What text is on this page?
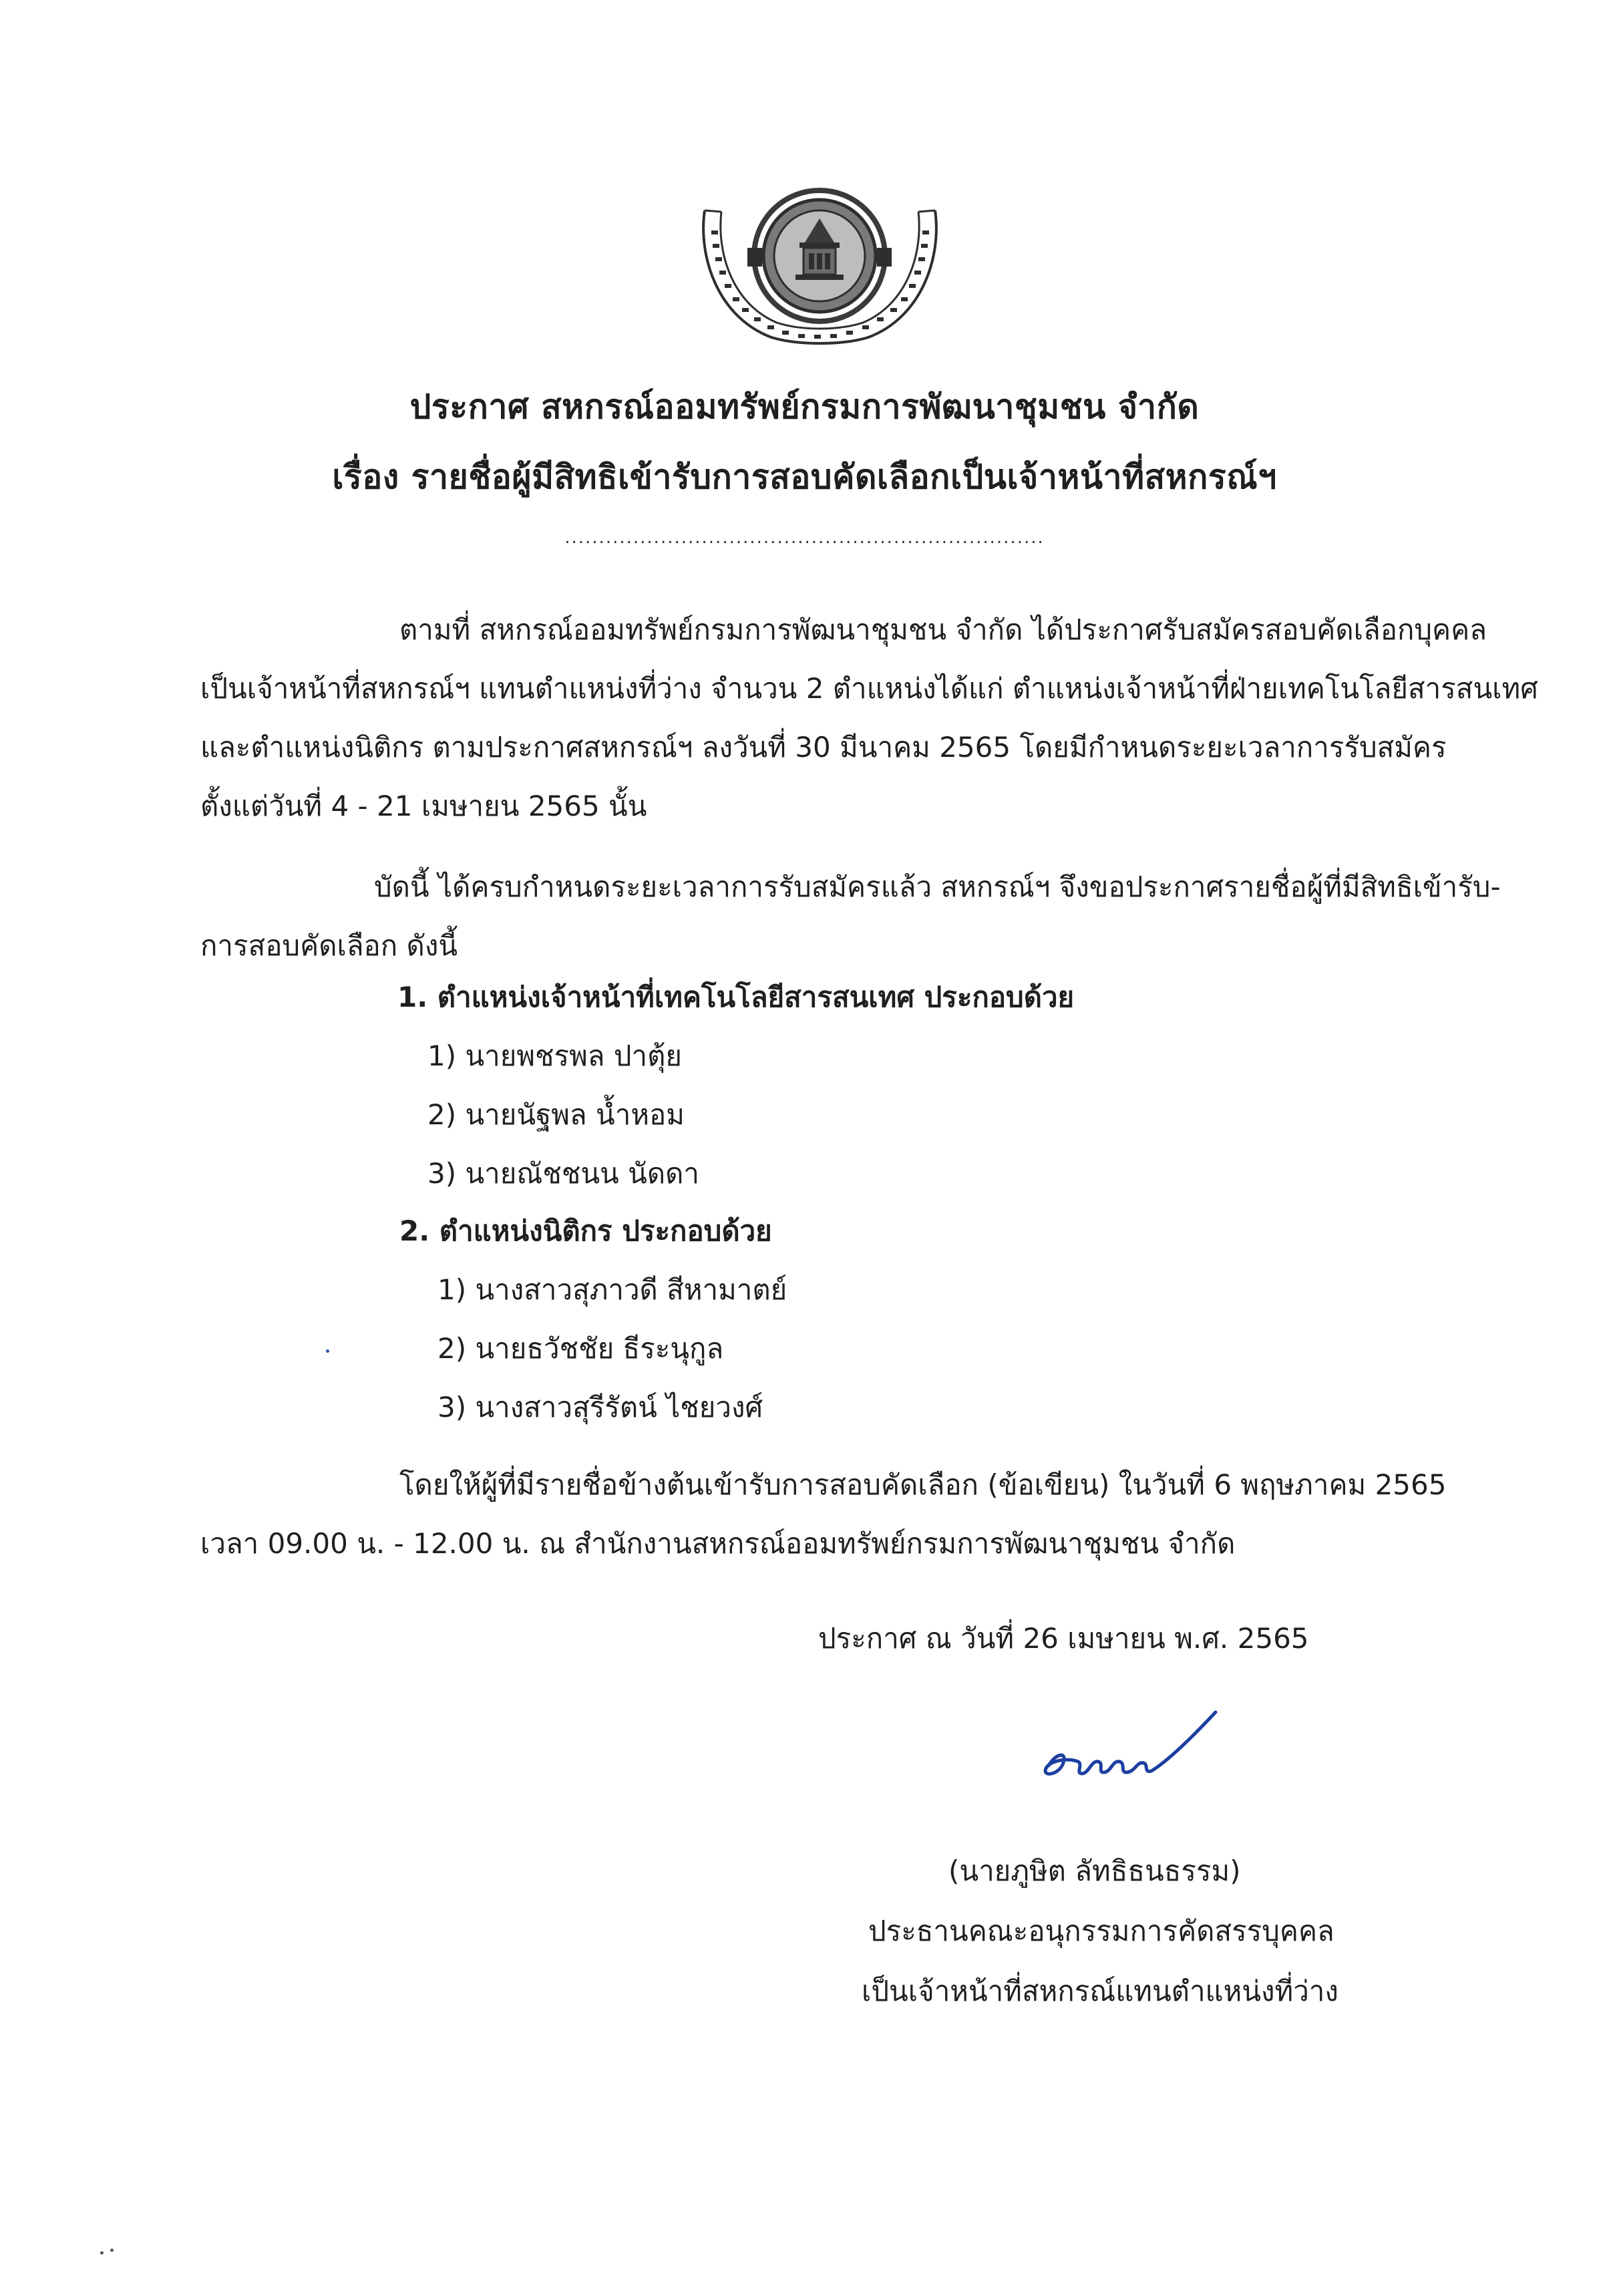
ประกาศ สหกรณ์ออมทรัพย์กรมการพัฒนาชุมชน จำกัด
เรื่อง รายชื่อผู้มีสิทธิเข้ารับการสอบคัดเลือกเป็นเจ้าหน้าที่สหกรณ์ฯ
......................................................................
ตามที่ สหกรณ์ออมทรัพย์กรมการพัฒนาชุมชน จำกัด ได้ประกาศรับสมัครสอบคัดเลือกบุคคล
เป็นเจ้าหน้าที่สหกรณ์ฯ แทนตำแหน่งที่ว่าง จำนวน 2 ตำแหน่งได้แก่ ตำแหน่งเจ้าหน้าที่ฝ่ายเทคโนโลยีสารสนเทศ
และตำแหน่งนิติกร ตามประกาศสหกรณ์ฯ ลงวันที่ 30 มีนาคม 2565 โดยมีกำหนดระยะเวลาการรับสมัคร
ตั้งแต่วันที่ 4 - 21 เมษายน 2565 นั้น
บัดนี้ ได้ครบกำหนดระยะเวลาการรับสมัครแล้ว สหกรณ์ฯ จึงขอประกาศรายชื่อผู้ที่มีสิทธิเข้ารับ-
การสอบคัดเลือก ดังนี้
1. ตำแหน่งเจ้าหน้าที่เทคโนโลยีสารสนเทศ ประกอบด้วย
1) นายพชรพล ปาตุ้ย
2) นายนัฐพล น้ำหอม
3) นายณัชชนน นัดดา
2. ตำแหน่งนิติกร ประกอบด้วย
1) นางสาวสุภาวดี สีหามาตย์
2) นายธวัชชัย ธีระนุกูล
3) นางสาวสุรีรัตน์ ไชยวงศ์
โดยให้ผู้ที่มีรายชื่อข้างต้นเข้ารับการสอบคัดเลือก (ข้อเขียน) ในวันที่ 6 พฤษภาคม 2565
เวลา 09.00 น. - 12.00 น. ณ สำนักงานสหกรณ์ออมทรัพย์กรมการพัฒนาชุมชน จำกัด
ประกาศ ณ วันที่ 26 เมษายน พ.ศ. 2565
(นายภูษิต ลัทธิธนธรรม)
ประธานคณะอนุกรรมการคัดสรรบุคคล
เป็นเจ้าหน้าที่สหกรณ์แทนตำแหน่งที่ว่าง
